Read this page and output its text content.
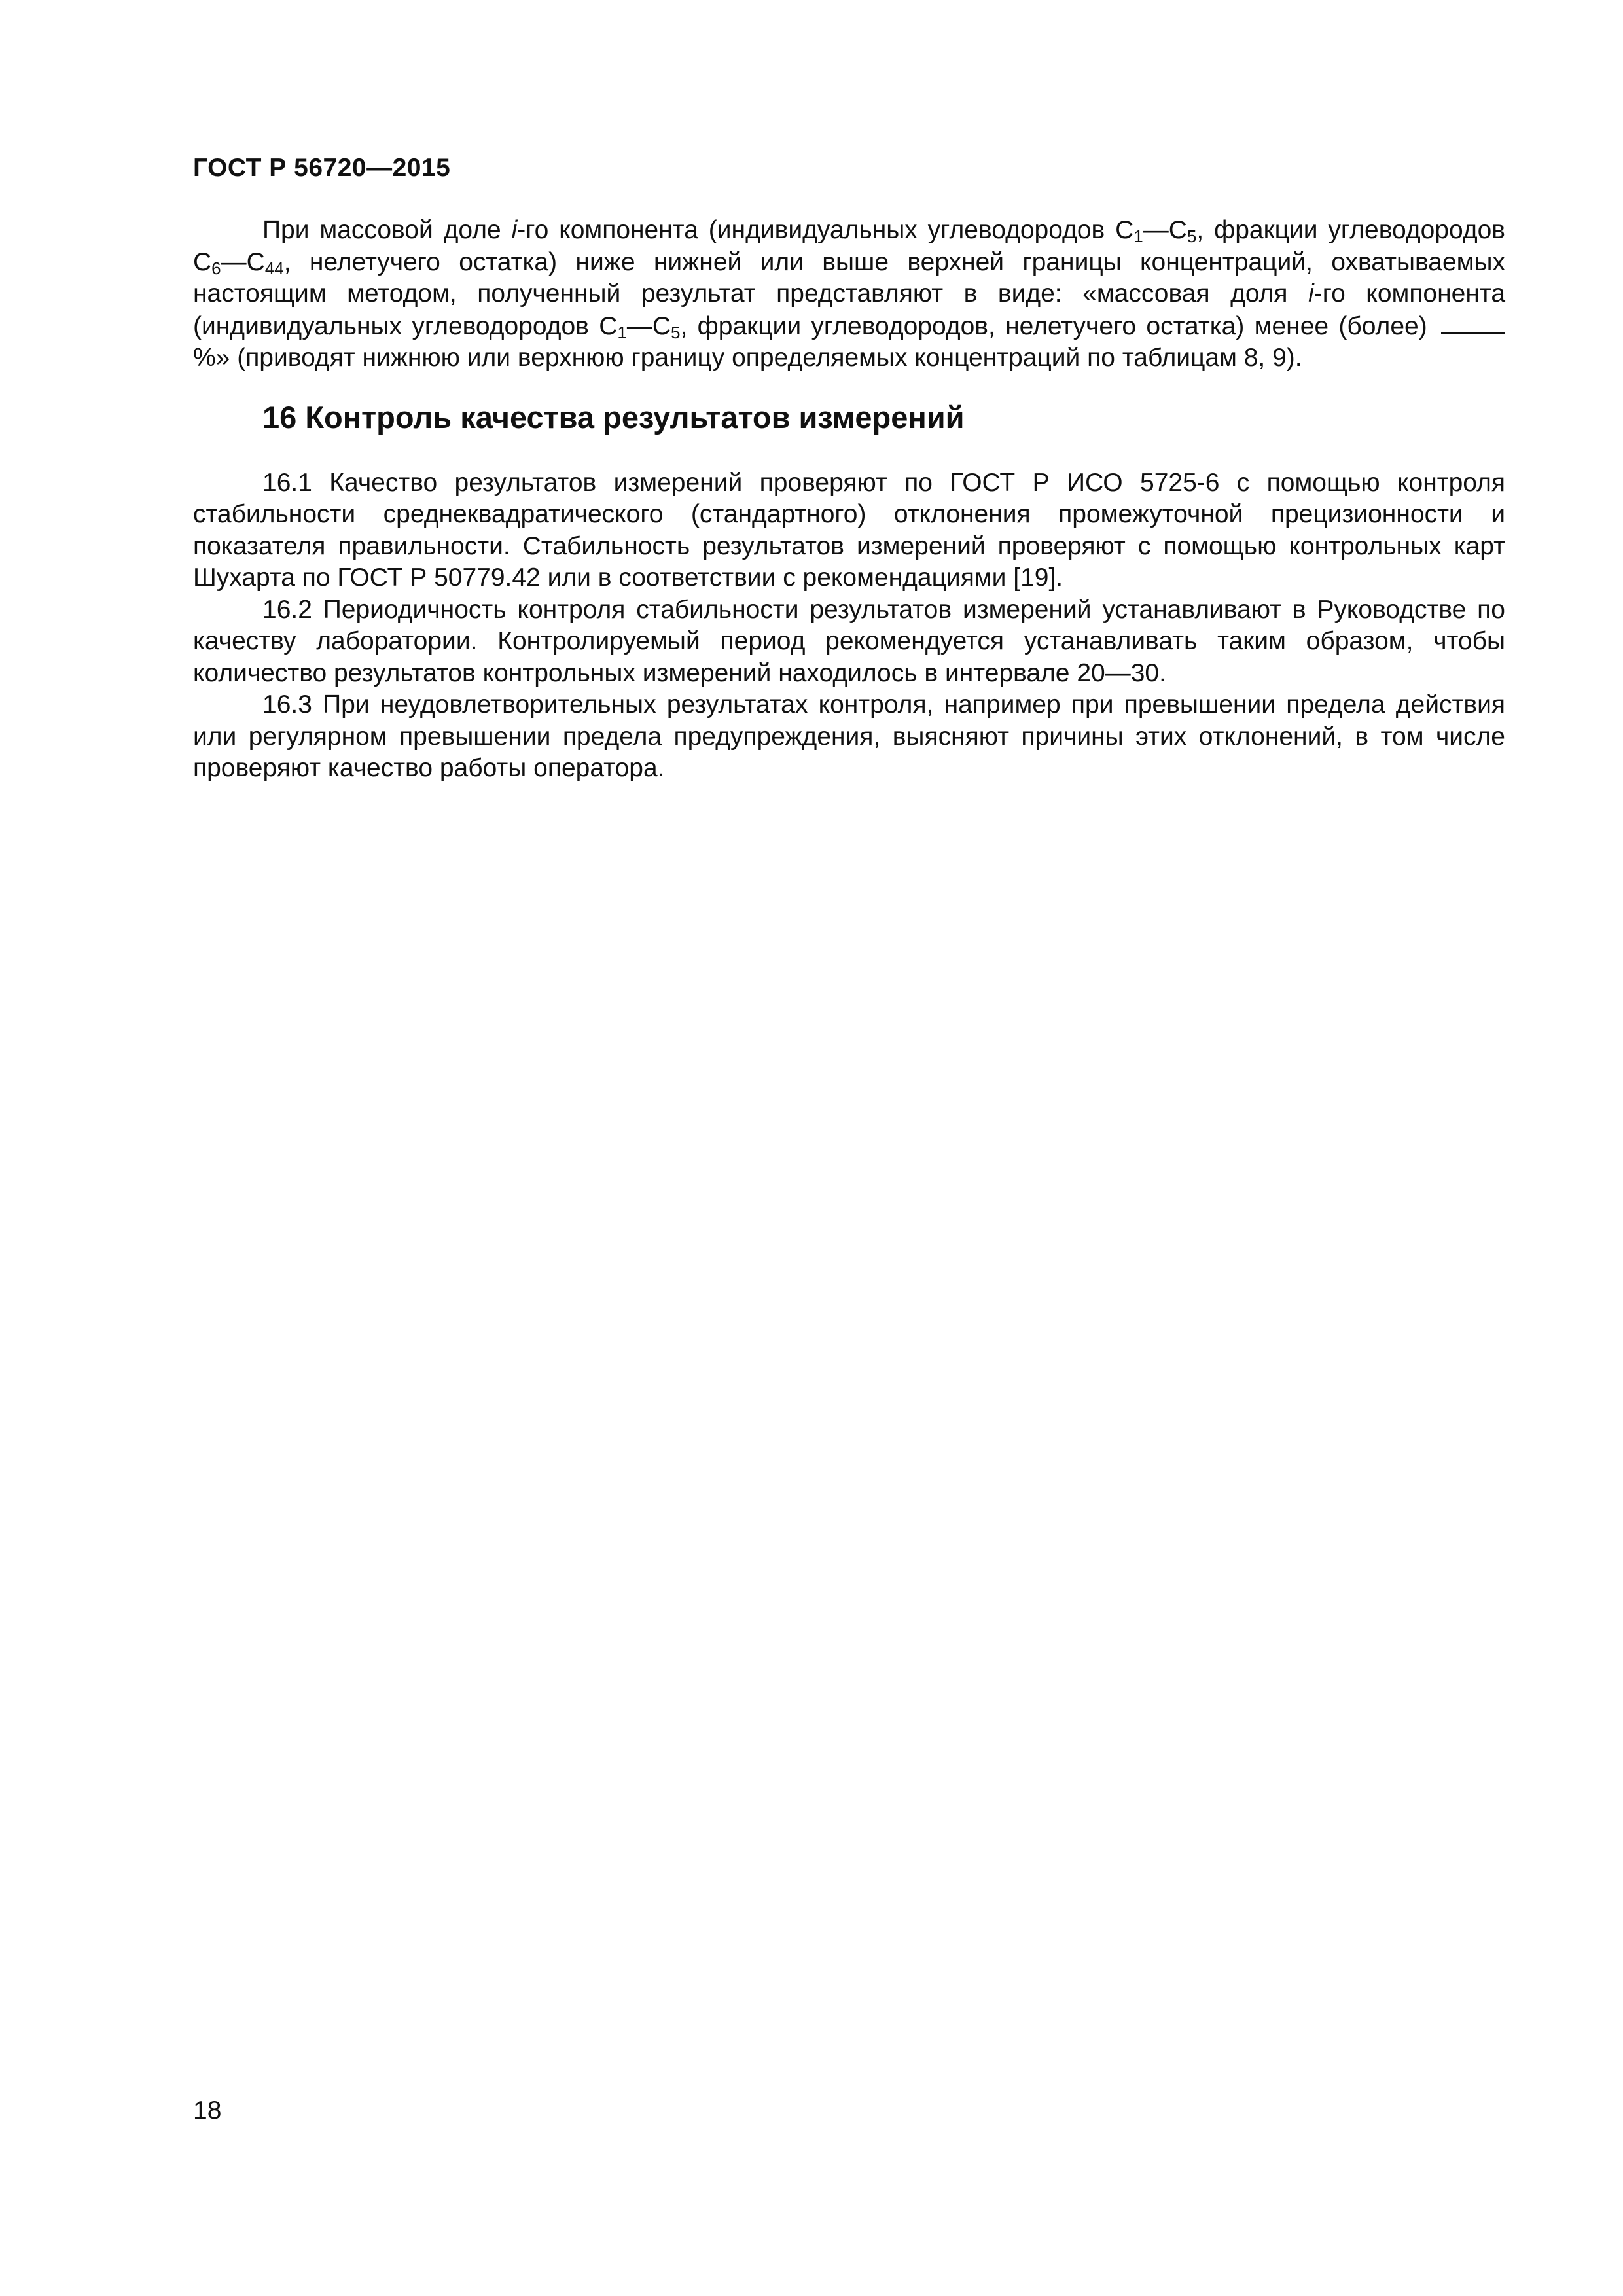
ГОСТ Р 56720—2015

При массовой доле i-го компонента (индивидуальных углеводородов $С_1—С_5$, фракции углеводородов $С_6—С_{44}$, нелетучего остатка) ниже нижней или выше верхней границы концентраций, охватываемых настоящим методом, полученный результат представляют в виде: «массовая доля i-го компонента (индивидуальных углеводородов $С_1—С_5$, фракции углеводородов, нелетучего остатка) менее (более) %» (приводят нижнюю или верхнюю границу определяемых концентраций по таблицам 8, 9).

16 Контроль качества результатов измерений

16.1 Качество результатов измерений проверяют по ГОСТ Р ИСО 5725-6 с помощью контроля стабильности среднеквадратического (стандартного) отклонения промежуточной прецизионности и показателя правильности. Стабильность результатов измерений проверяют с помощью контрольных карт Шухарта по ГОСТ Р 50779.42 или в соответствии с рекомендациями [19].

16.2 Периодичность контроля стабильности результатов измерений устанавливают в Руководстве по качеству лаборатории. Контролируемый период рекомендуется устанавливать таким образом, чтобы количество результатов контрольных измерений находилось в интервале 20—30.

16.3 При неудовлетворительных результатах контроля, например при превышении предела действия или регулярном превышении предела предупреждения, выясняют причины этих отклонений, в том числе проверяют качество работы оператора.

18
